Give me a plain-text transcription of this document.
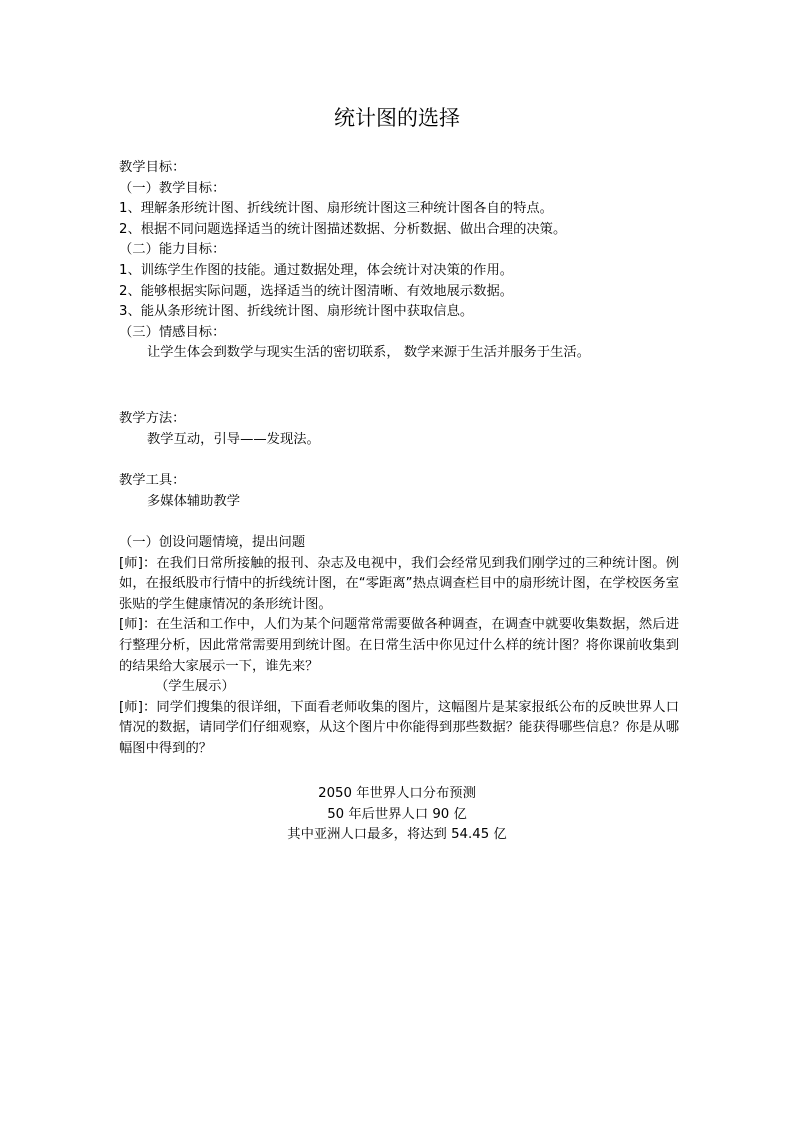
统计图的选择
教学目标：
（一）教学目标：
1、理解条形统计图、折线统计图、扇形统计图这三种统计图各自的特点。
2、根据不同问题选择适当的统计图描述数据、分析数据、做出合理的决策。
（二）能力目标：
1、训练学生作图的技能。通过数据处理，体会统计对决策的作用。
2、能够根据实际问题，选择适当的统计图清晰、有效地展示数据。
3、能从条形统计图、折线统计图、扇形统计图中获取信息。
（三）情感目标：
让学生体会到数学与现实生活的密切联系， 数学来源于生活并服务于生活。
教学方法：
教学互动，引导——发现法。
教学工具：
多媒体辅助教学
（一）创设问题情境，提出问题
[师]：在我们日常所接触的报刊、杂志及电视中，我们会经常见到我们刚学过的三种统计图。例如，在报纸股市行情中的折线统计图，在“零距离”热点调查栏目中的扇形统计图，在学校医务室张贴的学生健康情况的条形统计图。
[师]：在生活和工作中，人们为某个问题常常需要做各种调查，在调查中就要收集数据，然后进行整理分析，因此常常需要用到统计图。在日常生活中你见过什么样的统计图？将你课前收集到的结果给大家展示一下，谁先来？
（学生展示）
[师]：同学们搜集的很详细，下面看老师收集的图片，这幅图片是某家报纸公布的反映世界人口情况的数据，请同学们仔细观察，从这个图片中你能得到那些数据？能获得哪些信息？你是从哪幅图中得到的？
2050 年世界人口分布预测
50 年后世界人口 90 亿
其中亚洲人口最多，将达到 54.45 亿
